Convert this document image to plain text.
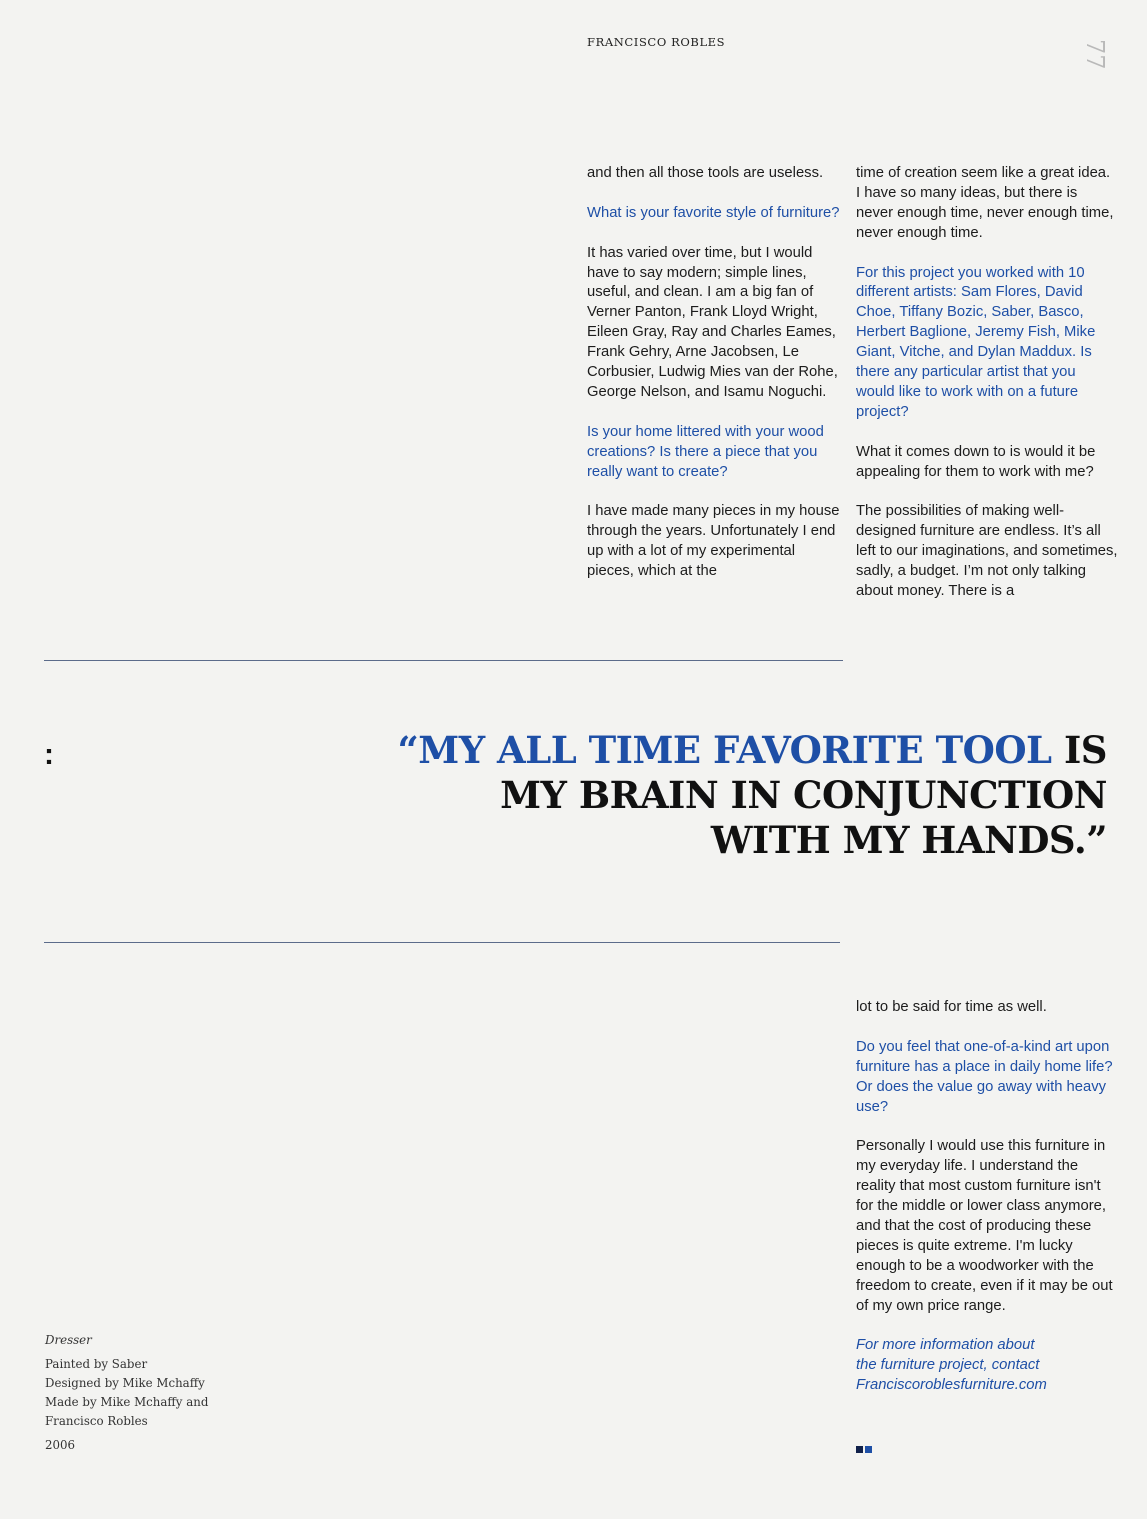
FRANCISCO ROBLES	77

and then all those tools are useless.

What is your favorite style of furniture?

It has varied over time, but I would have to say modern; simple lines, useful, and clean. I am a big fan of Verner Panton, Frank Lloyd Wright, Eileen Gray, Ray and Charles Eames, Frank Gehry, Arne Jacobsen, Le Corbusier, Ludwig Mies van der Rohe, George Nelson, and Isamu Noguchi.

Is your home littered with your wood creations? Is there a piece that you really want to create?

I have made many pieces in my house through the years. Unfortunately I end up with a lot of my experimental pieces, which at the

time of creation seem like a great idea. I have so many ideas, but there is never enough time, never enough time, never enough time.

For this project you worked with 10 different artists: Sam Flores, David Choe, Tiffany Bozic, Saber, Basco, Herbert Baglione, Jeremy Fish, Mike Giant, Vitche, and Dylan Maddux. Is there any particular artist that you would like to work with on a future project?

What it comes down to is would it be appealing for them to work with me?

The possibilities of making well-designed furniture are endless. It’s all left to our imaginations, and sometimes, sadly, a budget. I’m not only talking about money. There is a

:	“MY ALL TIME FAVORITE TOOL IS
MY BRAIN IN CONJUNCTION
WITH MY HANDS.”

lot to be said for time as well.

Do you feel that one-of-a-kind art upon furniture has a place in daily home life? Or does the value go away with heavy use?

Personally I would use this furniture in my everyday life. I understand the reality that most custom furniture isn't for the middle or lower class anymore, and that the cost of producing these pieces is quite extreme. I'm lucky enough to be a woodworker with the freedom to create, even if it may be out of my own price range.

For more information about
the furniture project, contact
Franciscoroblesfurniture.com

Dresser
Painted by Saber
Designed by Mike Mchaffy
Made by Mike Mchaffy and
Francisco Robles
2006
